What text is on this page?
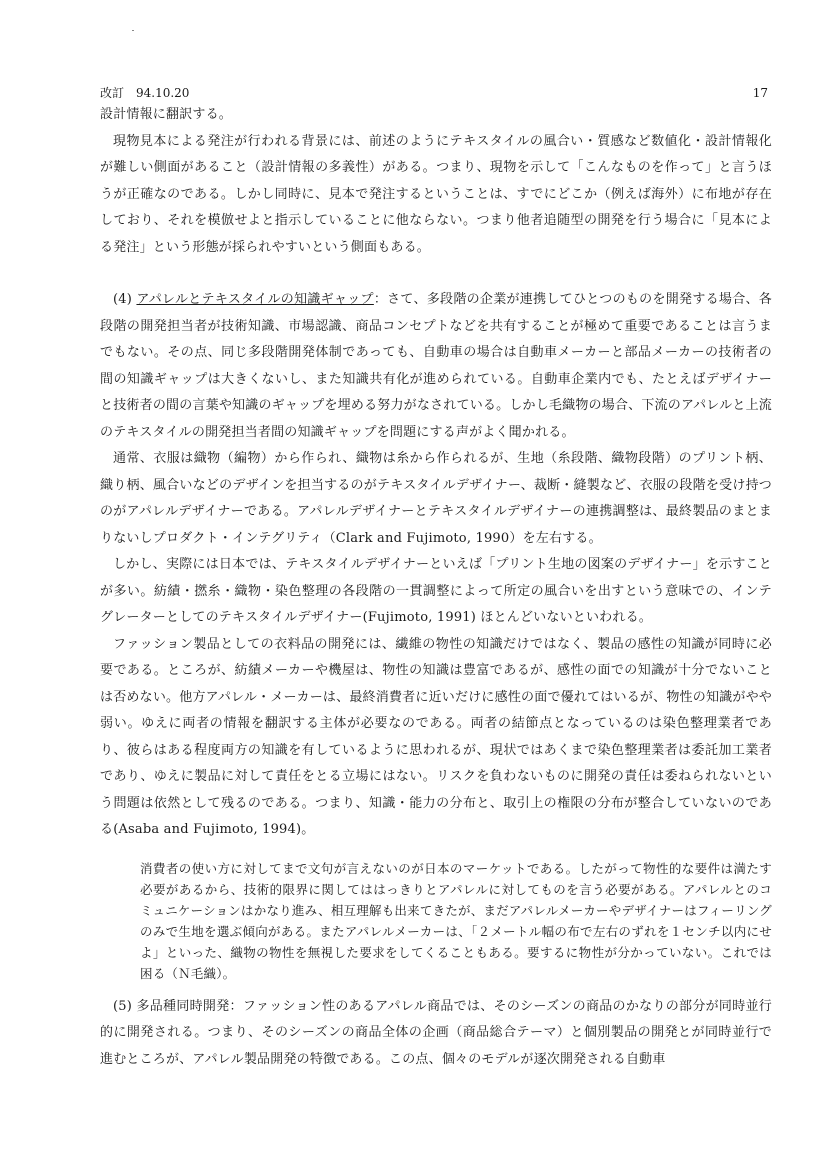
改訂　94.10.20	17

設計情報に翻訳する。

現物見本による発注が行われる背景には、前述のようにテキスタイルの風合い・質感など数値化・設計情報化が難しい側面があること（設計情報の多義性）がある。つまり、現物を示して「こんなものを作って」と言うほうが正確なのである。しかし同時に、見本で発注するということは、すでにどこか（例えば海外）に布地が存在しており、それを模倣せよと指示していることに他ならない。つまり他者追随型の開発を行う場合に「見本による発注」という形態が採られやすいという側面もある。

(4) アパレルとテキスタイルの知識ギャップ：さて、多段階の企業が連携してひとつのものを開発する場合、各段階の開発担当者が技術知識、市場認識、商品コンセプトなどを共有することが極めて重要であることは言うまでもない。その点、同じ多段階開発体制であっても、自動車の場合は自動車メーカーと部品メーカーの技術者の間の知識ギャップは大きくないし、また知識共有化が進められている。自動車企業内でも、たとえばデザイナーと技術者の間の言葉や知識のギャップを埋める努力がなされている。しかし毛織物の場合、下流のアパレルと上流のテキスタイルの開発担当者間の知識ギャップを問題にする声がよく聞かれる。

通常、衣服は織物（編物）から作られ、織物は糸から作られるが、生地（糸段階、織物段階）のプリント柄、織り柄、風合いなどのデザインを担当するのがテキスタイルデザイナー、裁断・縫製など、衣服の段階を受け持つのがアパレルデザイナーである。アパレルデザイナーとテキスタイルデザイナーの連携調整は、最終製品のまとまりないしプロダクト・インテグリティ（Clark and Fujimoto, 1990）を左右する。

しかし、実際には日本では、テキスタイルデザイナーといえば「プリント生地の図案のデザイナー」を示すことが多い。紡績・撚糸・織物・染色整理の各段階の一貫調整によって所定の風合いを出すという意味での、インテグレーターとしてのテキスタイルデザイナー(Fujimoto, 1991) ほとんどいないといわれる。

ファッション製品としての衣料品の開発には、繊維の物性の知識だけではなく、製品の感性の知識が同時に必要である。ところが、紡績メーカーや機屋は、物性の知識は豊富であるが、感性の面での知識が十分でないことは否めない。他方アパレル・メーカーは、最終消費者に近いだけに感性の面で優れてはいるが、物性の知識がやや弱い。ゆえに両者の情報を翻訳する主体が必要なのである。両者の結節点となっているのは染色整理業者であり、彼らはある程度両方の知識を有しているように思われるが、現状ではあくまで染色整理業者は委託加工業者であり、ゆえに製品に対して責任をとる立場にはない。リスクを負わないものに開発の責任は委ねられないという問題は依然として残るのである。つまり、知識・能力の分布と、取引上の権限の分布が整合していないのである(Asaba and Fujimoto, 1994)。

消費者の使い方に対してまで文句が言えないのが日本のマーケットである。したがって物性的な要件は満たす必要があるから、技術的限界に関してははっきりとアパレルに対してものを言う必要がある。アパレルとのコミュニケーションはかなり進み、相互理解も出来てきたが、まだアパレルメーカーやデザイナーはフィーリングのみで生地を選ぶ傾向がある。またアパレルメーカーは、「２メートル幅の布で左右のずれを１センチ以内にせよ」といった、織物の物性を無視した要求をしてくることもある。要するに物性が分かっていない。これでは困る（Ｎ毛織）。

(5) 多品種同時開発：ファッション性のあるアパレル商品では、そのシーズンの商品のかなりの部分が同時並行的に開発される。つまり、そのシーズンの商品全体の企画（商品総合テーマ）と個別製品の開発とが同時並行で進むところが、アパレル製品開発の特徴である。この点、個々のモデルが逐次開発される自動車
